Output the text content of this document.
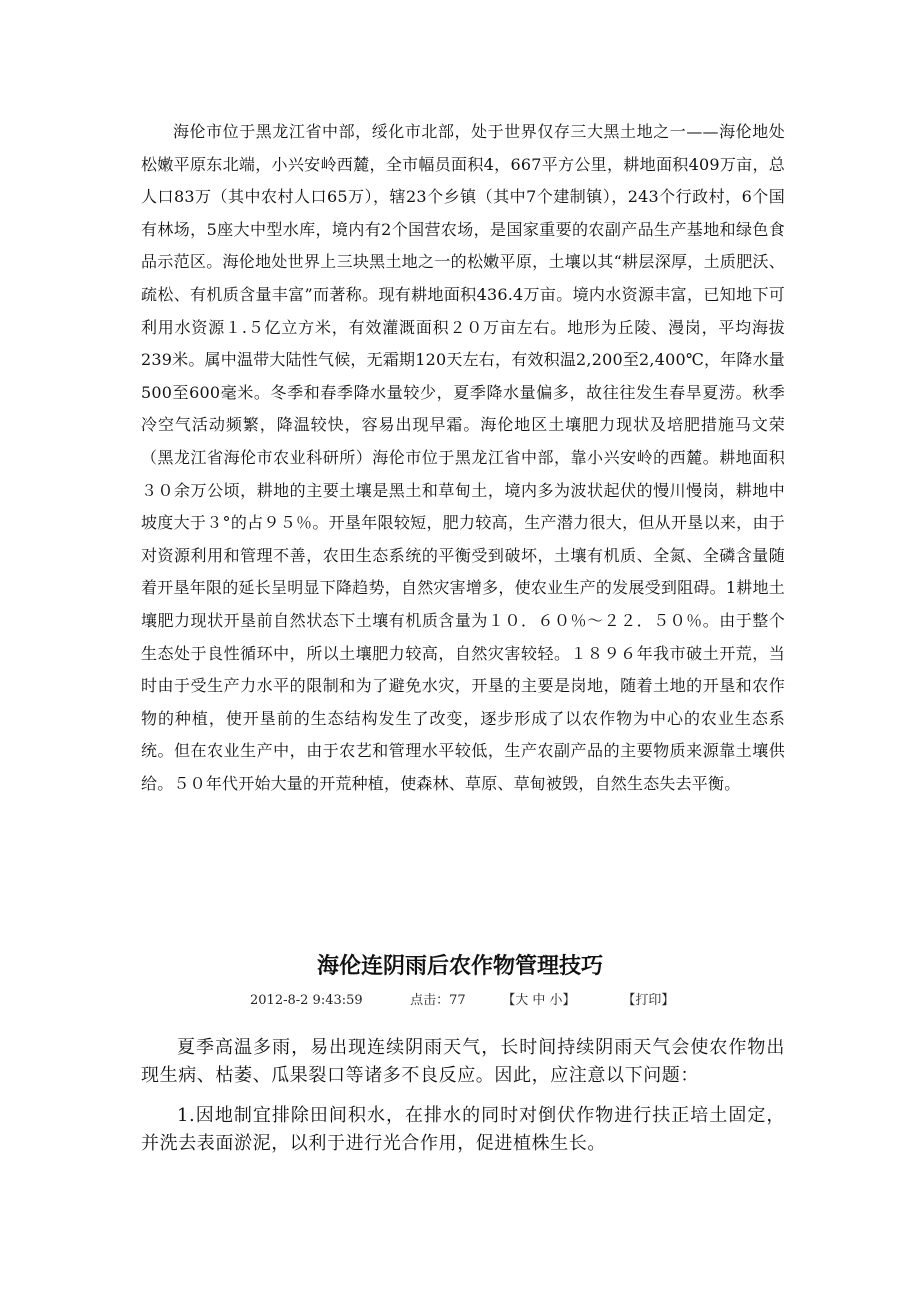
海伦市位于黑龙江省中部，绥化市北部，处于世界仅存三大黑土地之一——海伦地处松嫩平原东北端，小兴安岭西麓，全市幅员面积4，667平方公里，耕地面积409万亩，总人口83万（其中农村人口65万），辖23个乡镇（其中7个建制镇），243个行政村，6个国有林场，5座大中型水库，境内有2个国营农场，是国家重要的农副产品生产基地和绿色食品示范区。海伦地处世界上三块黑土地之一的松嫩平原，土壤以其“耕层深厚，土质肥沃、疏松、有机质含量丰富”而著称。现有耕地面积436.4万亩。境内水资源丰富，已知地下可利用水资源１.５亿立方米，有效灌溉面积２０万亩左右。地形为丘陵、漫岗，平均海拔239米。属中温带大陆性气候，无霜期120天左右，有效积温2,200至2,400℃，年降水量500至600毫米。冬季和春季降水量较少，夏季降水量偏多，故往往发生春旱夏涝。秋季冷空气活动频繁，降温较快，容易出现早霜。海伦地区土壤肥力现状及培肥措施马文荣（黑龙江省海伦市农业科研所）海伦市位于黑龙江省中部，靠小兴安岭的西麓。耕地面积３０余万公顷，耕地的主要土壤是黑土和草甸土，境内多为波状起伏的慢川慢岗，耕地中坡度大于３°的占９５％。开垦年限较短，肥力较高，生产潜力很大，但从开垦以来，由于对资源利用和管理不善，农田生态系统的平衡受到破坏，土壤有机质、全氮、全磷含量随着开垦年限的延长呈明显下降趋势，自然灾害增多，使农业生产的发展受到阻碍。1耕地土壤肥力现状开垦前自然状态下土壤有机质含量为１０．６０％～２２．５０％。由于整个生态处于良性循环中，所以土壤肥力较高，自然灾害较轻。１８９６年我市破土开荒，当时由于受生产力水平的限制和为了避免水灾，开垦的主要是岗地，随着土地的开垦和农作物的种植，使开垦前的生态结构发生了改变，逐步形成了以农作物为中心的农业生态系统。但在农业生产中，由于农艺和管理水平较低，生产农副产品的主要物质来源靠土壤供给。５０年代开始大量的开荒种植，使森林、草原、草甸被毁，自然生态失去平衡。

海伦连阴雨后农作物管理技巧
2012-8-2 9:43:59	点击：77	【大 中 小】	【打印】

夏季高温多雨，易出现连续阴雨天气，长时间持续阴雨天气会使农作物出现生病、枯萎、瓜果裂口等诸多不良反应。因此，应注意以下问题：

1.因地制宜排除田间积水，在排水的同时对倒伏作物进行扶正培土固定，并洗去表面淤泥，以利于进行光合作用，促进植株生长。
